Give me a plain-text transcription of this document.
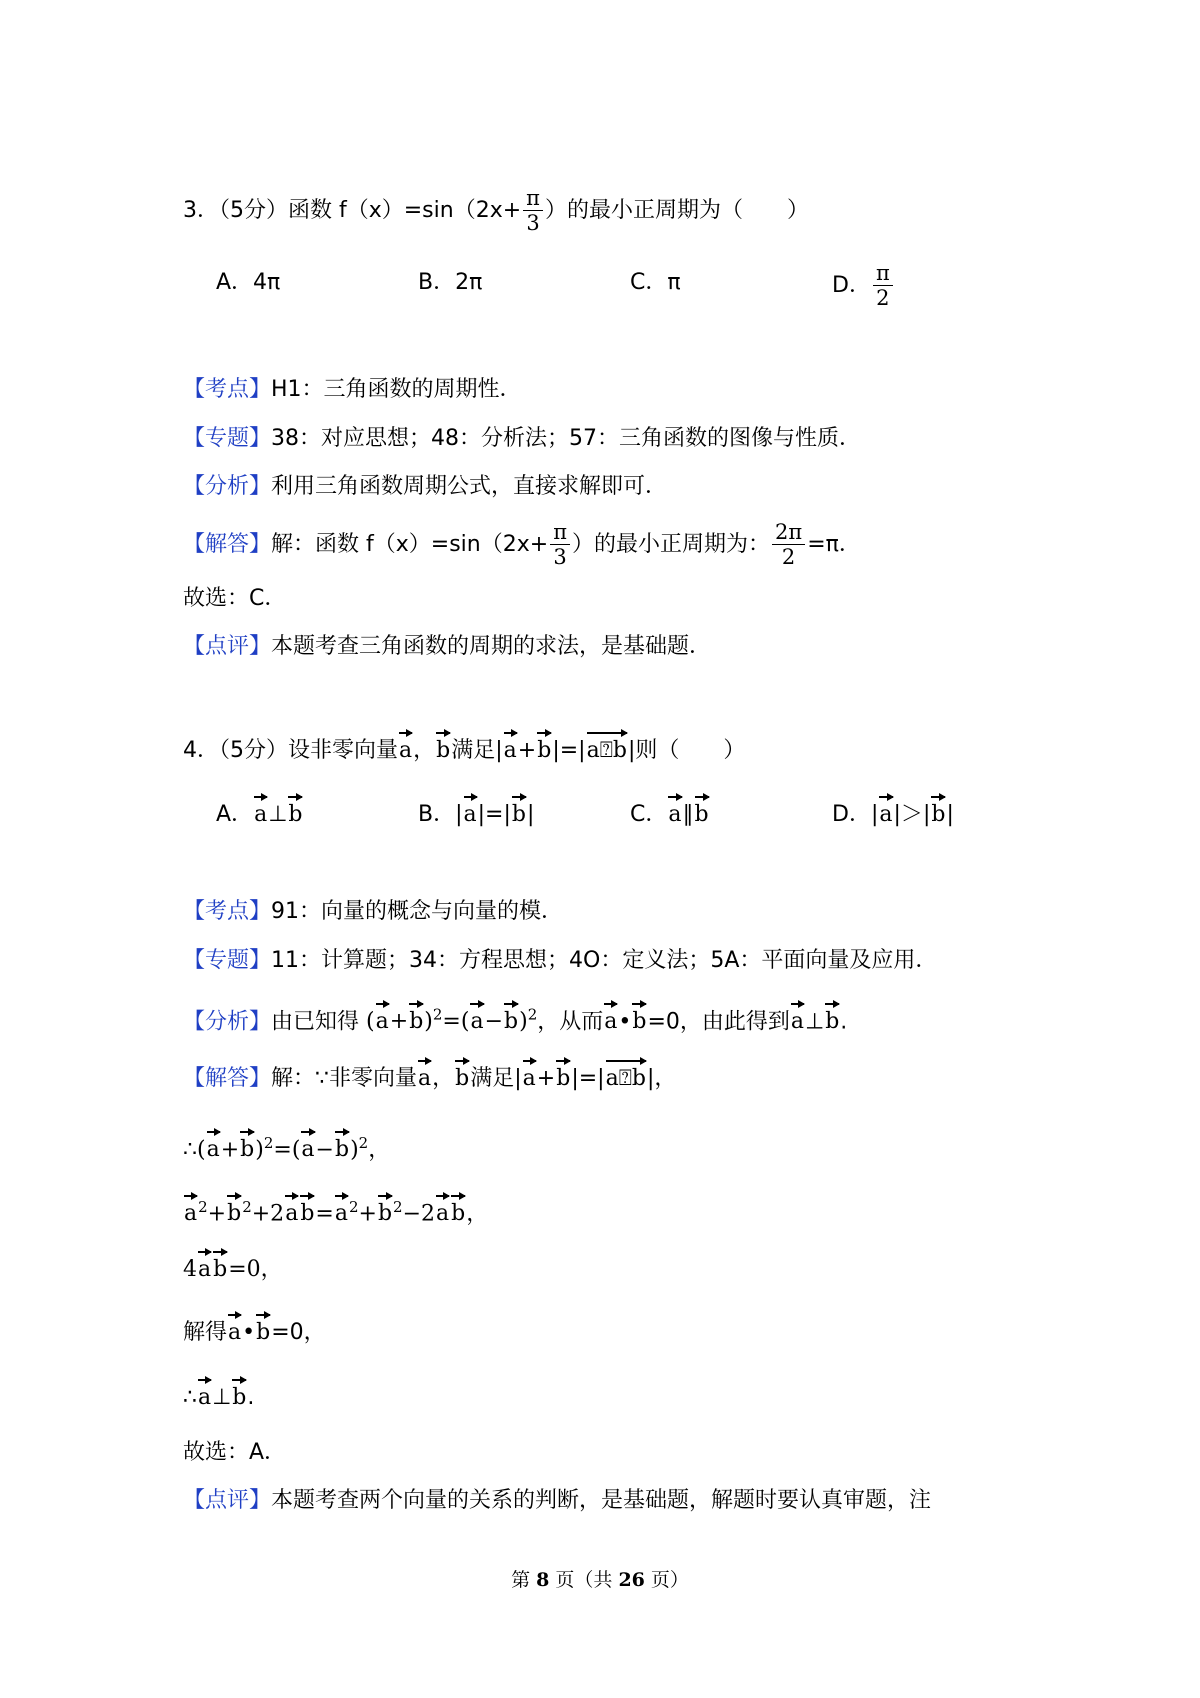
3．（5分）函数 $f(x)=\sin(2x+ \frac{\pi}{3}$ ）的最小正周期为（　　）
A．4π	B．2π	C．π	D． $\frac{\pi}{2}$
【考点】H1：三角函数的周期性．
【专题】38：对应思想；48：分析法；57：三角函数的图像与性质．
【分析】利用三角函数周期公式，直接求解即可．
【解答】解：函数 $f(x)=\sin(2x+ \frac{\pi}{3}$ ）的最小正周期为： $\frac{2\pi}{2} =\pi$．
故选：C．
【点评】本题考查三角函数的周期的求法，是基础题．
4．（5分）设非零向量a，b满足|a+b|=|a⍰b|则（　　）
A．a⊥b	B．|a|=|b|	C．a∥b	D．|a|＞|b|
【考点】91：向量的概念与向量的模．
【专题】11：计算题；34：方程思想；4O：定义法；5A：平面向量及应用．
【分析】由已知得 $(a+b)^2=(a-b)^2$，从而a•b=0，由此得到a⊥b.
【解答】解：∵非零向量a，b满足|a+b|=|a⍰b|，
$\therefore(a+b)^2=(a-b)^2$，
$a^2+b^2+2ab=a^2+b^2-2ab$，
4ab=0，
解得a•b=0，
∴a⊥b.
故选：A．
【点评】本题考查两个向量的关系的判断，是基础题，解题时要认真审题，注
第 8 页（共 26 页）
